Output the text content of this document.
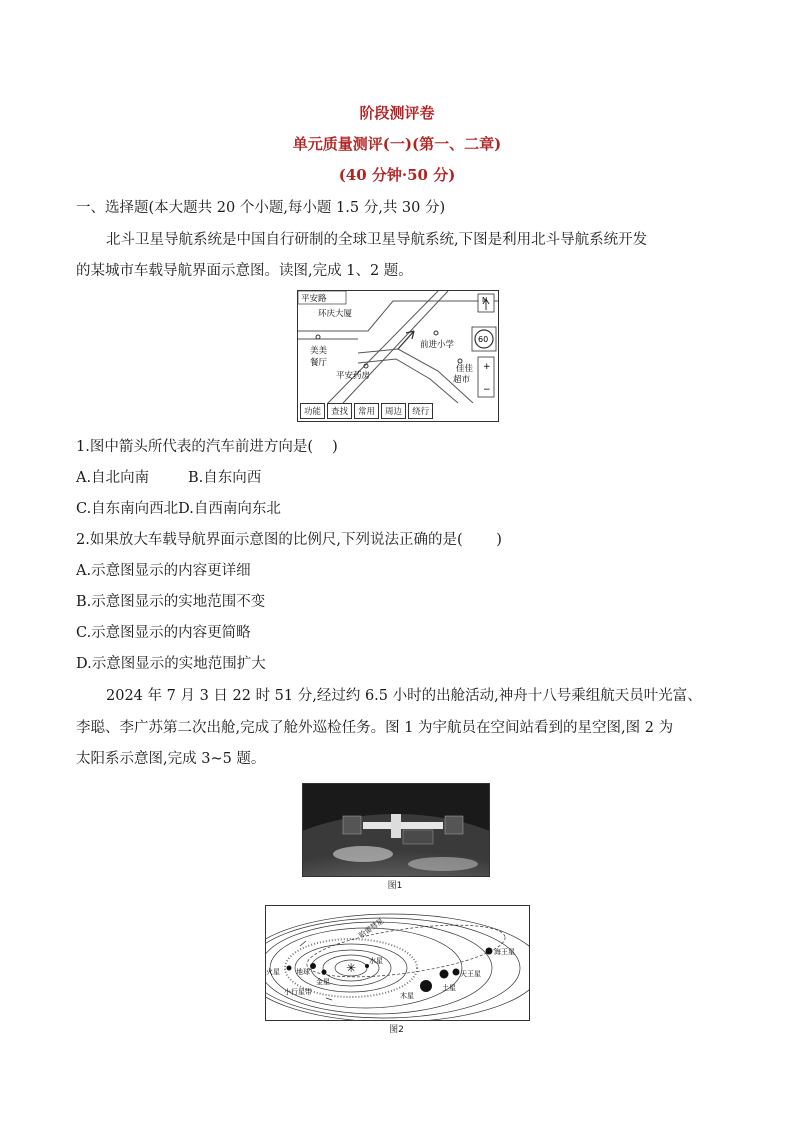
阶段测评卷
单元质量测评(一)(第一、二章)
(40 分钟·50 分)
一、选择题(本大题共 20 个小题,每小题 1.5 分,共 30 分)
北斗卫星导航系统是中国自行研制的全球卫星导航系统,下图是利用北斗导航系统开发
的某城市车载导航界面示意图。读图,完成 1、2 题。
平安路
环庆大厦
美美
餐厅
前进小学
平安药房
佳佳
超市
N
60
+
−
功能	查找	常用	周边	绕行
1.图中箭头所代表的汽车前进方向是(　 )
A.自北向南	B.自东向西
C.自东南向西北D.自西南向东北
2.如果放大车载导航界面示意图的比例尺,下列说法正确的是(　 　)
A.示意图显示的内容更详细
B.示意图显示的实地范围不变
C.示意图显示的内容更简略
D.示意图显示的实地范围扩大
2024 年 7 月 3 日 22 时 51 分,经过约 6.5 小时的出舱活动,神舟十八号乘组航天员叶光富、
李聪、李广苏第二次出舱,完成了舱外巡检任务。图 1 为宇航员在空间站看到的星空图,图 2 为
太阳系示意图,完成 3~5 题。
图1
✳ 水星
金星
地球
火星
木星
土星
天王星
海王星
小行星带
哈雷彗星
图2
